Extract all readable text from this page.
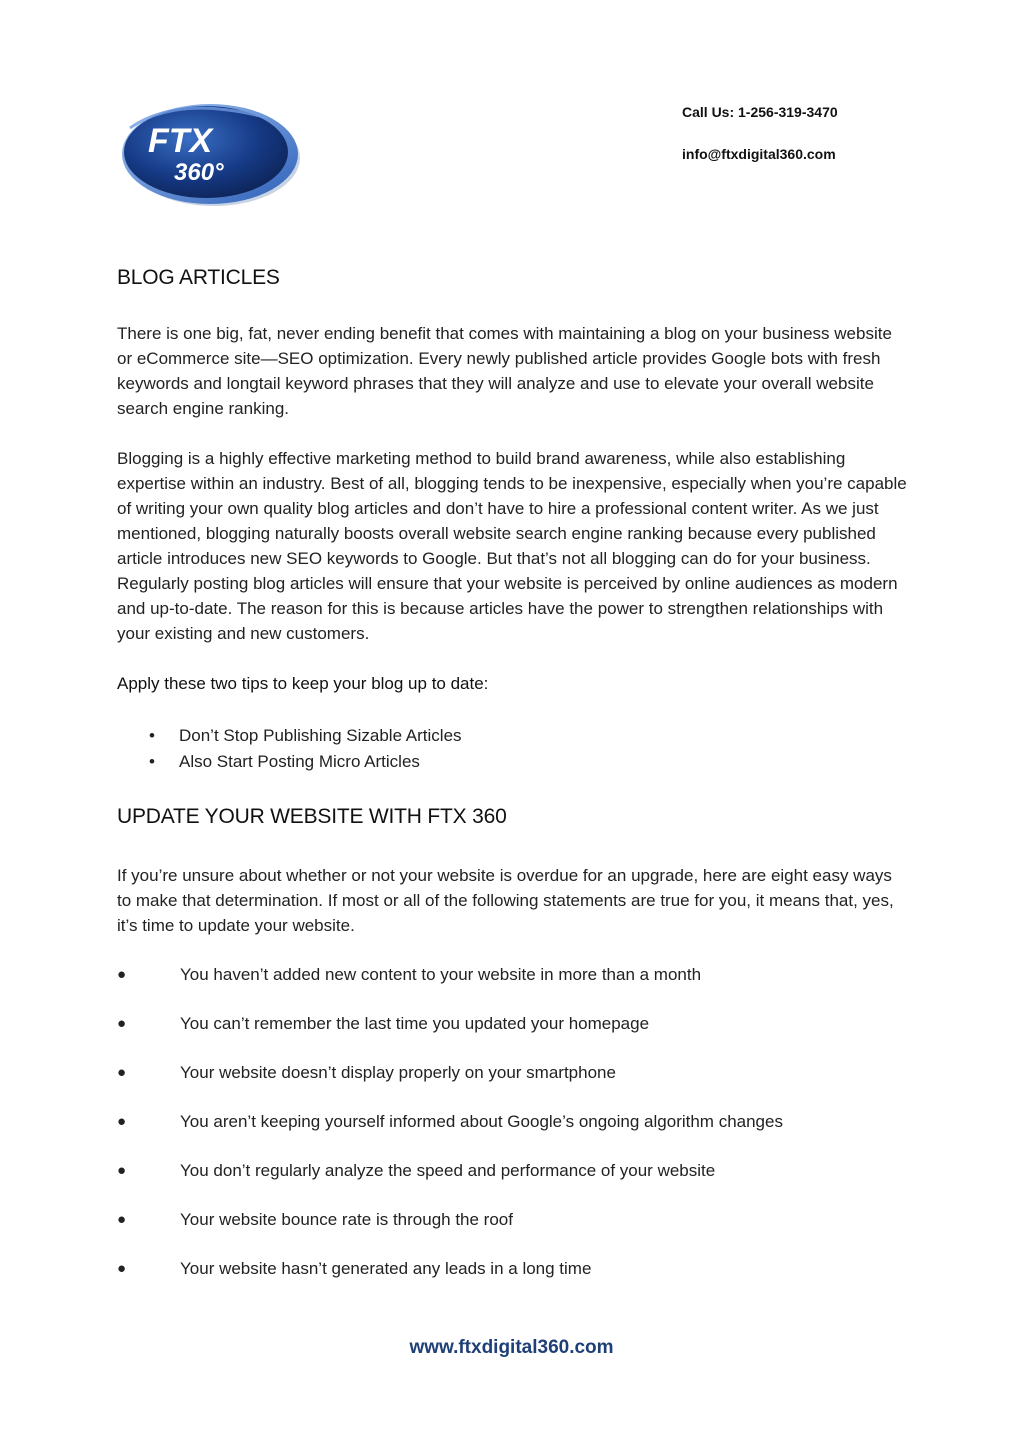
FTX
360°

Call Us: 1-256-319-3470

info@ftxdigital360.com

BLOG ARTICLES

There is one big, fat, never ending benefit that comes with maintaining a blog on your business website or eCommerce site—SEO optimization. Every newly published article provides Google bots with fresh keywords and longtail keyword phrases that they will analyze and use to elevate your overall website search engine ranking.

Blogging is a highly effective marketing method to build brand awareness, while also establishing expertise within an industry. Best of all, blogging tends to be inexpensive, especially when you’re capable of writing your own quality blog articles and don’t have to hire a professional content writer. As we just mentioned, blogging naturally boosts overall website search engine ranking because every published article introduces new SEO keywords to Google. But that’s not all blogging can do for your business. Regularly posting blog articles will ensure that your website is perceived by online audiences as modern and up-to-date. The reason for this is because articles have the power to strengthen relationships with your existing and new customers.

Apply these two tips to keep your blog up to date:

• Don’t Stop Publishing Sizable Articles
• Also Start Posting Micro Articles
UPDATE YOUR WEBSITE WITH FTX 360

If you’re unsure about whether or not your website is overdue for an upgrade, here are eight easy ways to make that determination. If most or all of the following statements are true for you, it means that, yes, it’s time to update your website.

●	You haven’t added new content to your website in more than a month
●	You can’t remember the last time you updated your homepage
●	Your website doesn’t display properly on your smartphone
●	You aren’t keeping yourself informed about Google’s ongoing algorithm changes
●	You don’t regularly analyze the speed and performance of your website
●	Your website bounce rate is through the roof
●	Your website hasn’t generated any leads in a long time
www.ftxdigital360.com
